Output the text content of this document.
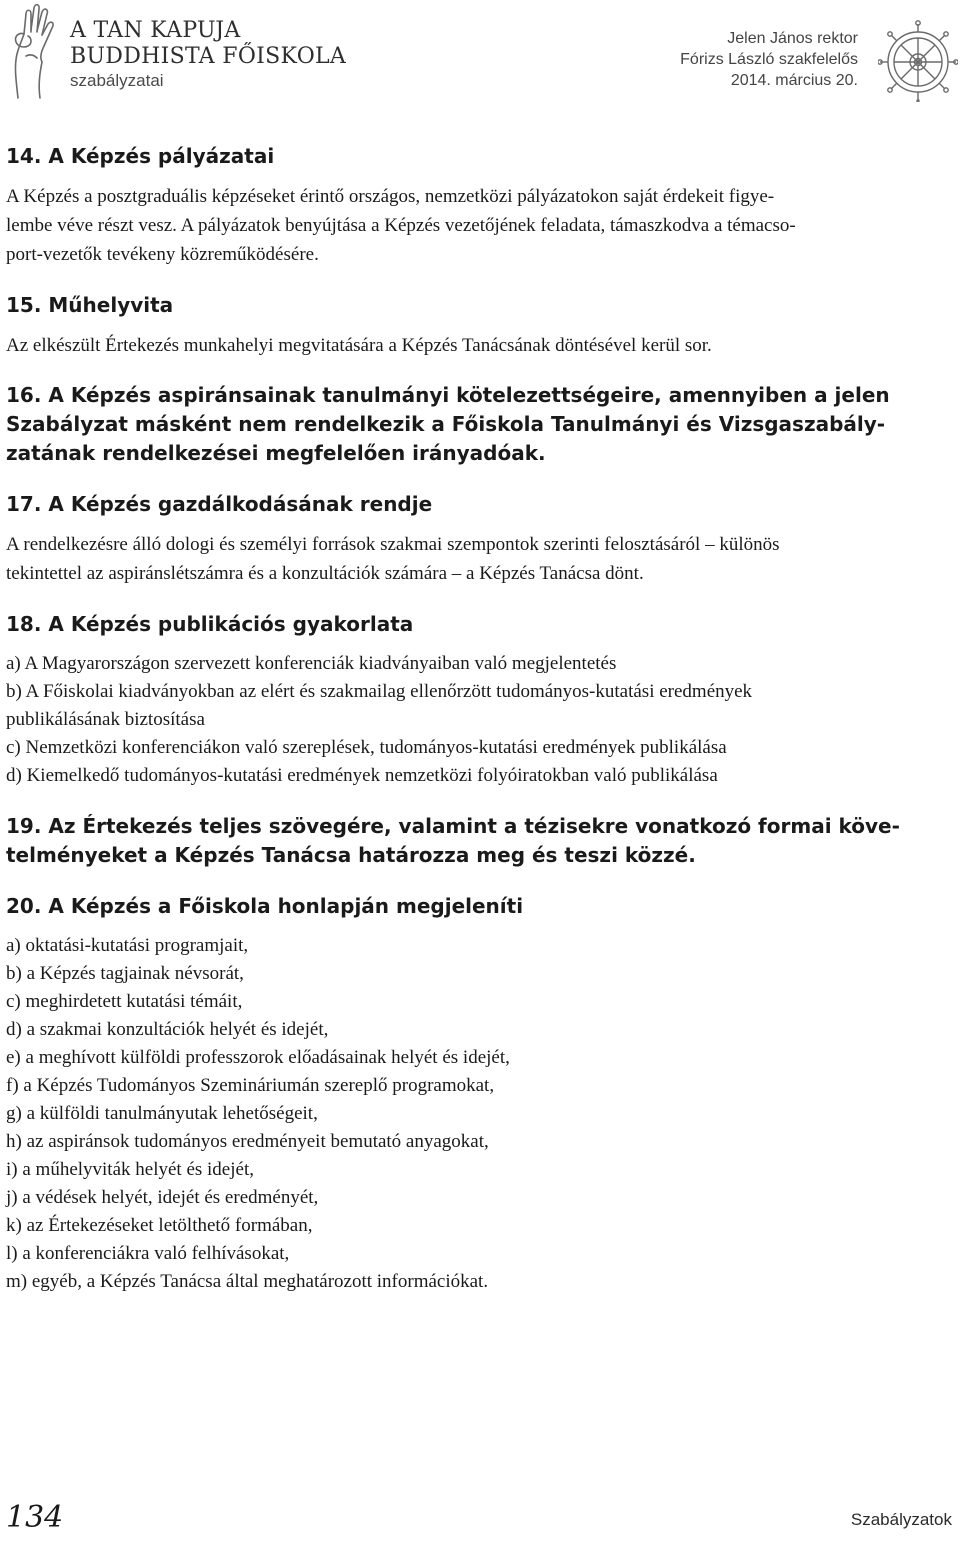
A TAN KAPUJA
BUDDHISTA FŐISKOLA
szabályzatai
Jelen János rektor
Fórizs László szakfelelős
2014. március 20.
14. A Képzés pályázatai

A Képzés a posztgraduális képzéseket érintő országos, nemzetközi pályázatokon saját érdekeit figye-
lembe véve részt vesz. A pályázatok benyújtása a Képzés vezetőjének feladata, támaszkodva a témacso-
port-vezetők tevékeny közreműködésére.

15. Műhelyvita

Az elkészült Értekezés munkahelyi megvitatására a Képzés Tanácsának döntésével kerül sor.

16. A Képzés aspiránsainak tanulmányi kötelezettségeire, amennyiben a jelen
Szabályzat másként nem rendelkezik a Főiskola Tanulmányi és Vizsgaszabály-
zatának rendelkezései megfelelően irányadóak.
17. A Képzés gazdálkodásának rendje

A rendelkezésre álló dologi és személyi források szakmai szempontok szerinti felosztásáról – különös
tekintettel az aspiránslétszámra és a konzultációk számára – a Képzés Tanácsa dönt.

18. A Képzés publikációs gyakorlata
a) A Magyarországon szervezett konferenciák kiadványaiban való megjelentetés
b) A Főiskolai kiadványokban az elért és szakmailag ellenőrzött tudományos-kutatási eredmények
publikálásának biztosítása
c) Nemzetközi konferenciákon való szereplések, tudományos-kutatási eredmények publikálása
d) Kiemelkedő tudományos-kutatási eredmények nemzetközi folyóiratokban való publikálása
19. Az Értekezés teljes szövegére, valamint a tézisekre vonatkozó formai köve-
telményeket a Képzés Tanácsa határozza meg és teszi közzé.
20. A Képzés a Főiskola honlapján megjeleníti
a) oktatási-kutatási programjait,
b) a Képzés tagjainak névsorát,
c) meghirdetett kutatási témáit,
d) a szakmai konzultációk helyét és idejét,
e) a meghívott külföldi professzorok előadásainak helyét és idejét,
f) a Képzés Tudományos Szemináriumán szereplő programokat,
g) a külföldi tanulmányutak lehetőségeit,
h) az aspiránsok tudományos eredményeit bemutató anyagokat,
i) a műhelyviták helyét és idejét,
j) a védések helyét, idejét és eredményét,
k) az Értekezéseket letölthető formában,
l) a konferenciákra való felhívásokat,
m) egyéb, a Képzés Tanácsa által meghatározott információkat.
134	Szabályzatok
